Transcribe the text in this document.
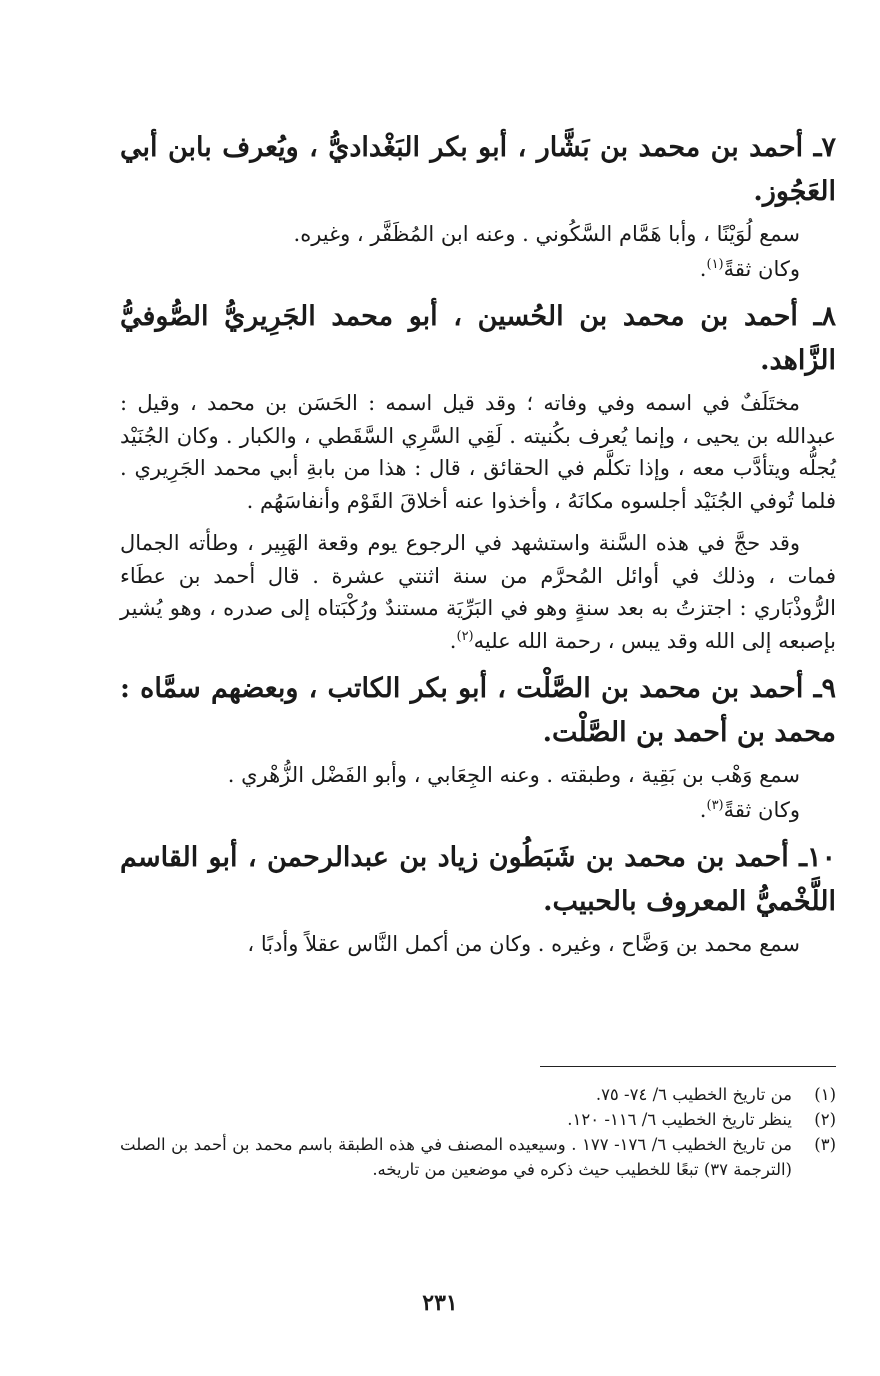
٧ـ أحمد بن محمد بن بَشَّار ، أبو بكر البَغْداديُّ ، ويُعرف بابن أبي العَجُوز.

سمع لُوَيْنًا ، وأبا هَمَّام السَّكُوني . وعنه ابن المُظَفَّر ، وغيره.

وكان ثقةً$^{(١)}$.

٨ـ أحمد بن محمد بن الحُسين ، أبو محمد الجَرِيريُّ الصُّوفيُّ الزَّاهد.

مختَلَفٌ في اسمه وفي وفاته ؛ وقد قيل اسمه : الحَسَن بن محمد ، وقيل : عبدالله بن يحيى ، وإنما يُعرف بكُنيته . لَقِي السَّرِي السَّقَطي ، والكبار . وكان الجُنَيْد يُجلُّه ويتأدَّب معه ، وإذا تكلَّم في الحقائق ، قال : هذا من بابةِ أبي محمد الجَرِيري . فلما تُوفي الجُنَيْد أجلسوه مكانَهُ ، وأخذوا عنه أخلاقَ القَوْم وأنفاسَهُم .

وقد حجَّ في هذه السَّنة واستشهد في الرجوع يوم وقعة الهَبِير ، وطأته الجمال فمات ، وذلك في أوائل المُحرَّم من سنة اثنتي عشرة . قال أحمد بن عطَاء الرُّوذْبَاري : اجتزتُ به بعد سنةٍ وهو في البَرِّيَة مستندٌ ورُكْبَتاه إلى صدره ، وهو يُشير بإصبعه إلى الله وقد يبس ، رحمة الله عليه$^{(٢)}$.

٩ـ أحمد بن محمد بن الصَّلْت ، أبو بكر الكاتب ، وبعضهم سمَّاه : محمد بن أحمد بن الصَّلْت.

سمع وَهْب بن بَقِية ، وطبقته . وعنه الجِعَابي ، وأبو الفَضْل الزُّهْري .

وكان ثقةً$^{(٣)}$.

١٠ـ أحمد بن محمد بن شَبَطُون زياد بن عبدالرحمن ، أبو القاسم اللَّخْميُّ المعروف بالحبيب.

سمع محمد بن وَضَّاح ، وغيره . وكان من أكمل النَّاس عقلاً وأدبًا ،

(١)
من تاريخ الخطيب ٦/ ٧٤- ٧٥.
(٢)
ينظر تاريخ الخطيب ٦/ ١١٦- ١٢٠.
(٣)
من تاريخ الخطيب ٦/ ١٧٦- ١٧٧ . وسيعيده المصنف في هذه الطبقة باسم محمد بن أحمد بن الصلت (الترجمة ٣٧) تبعًا للخطيب حيث ذكره في موضعين من تاريخه.
٢٣١
